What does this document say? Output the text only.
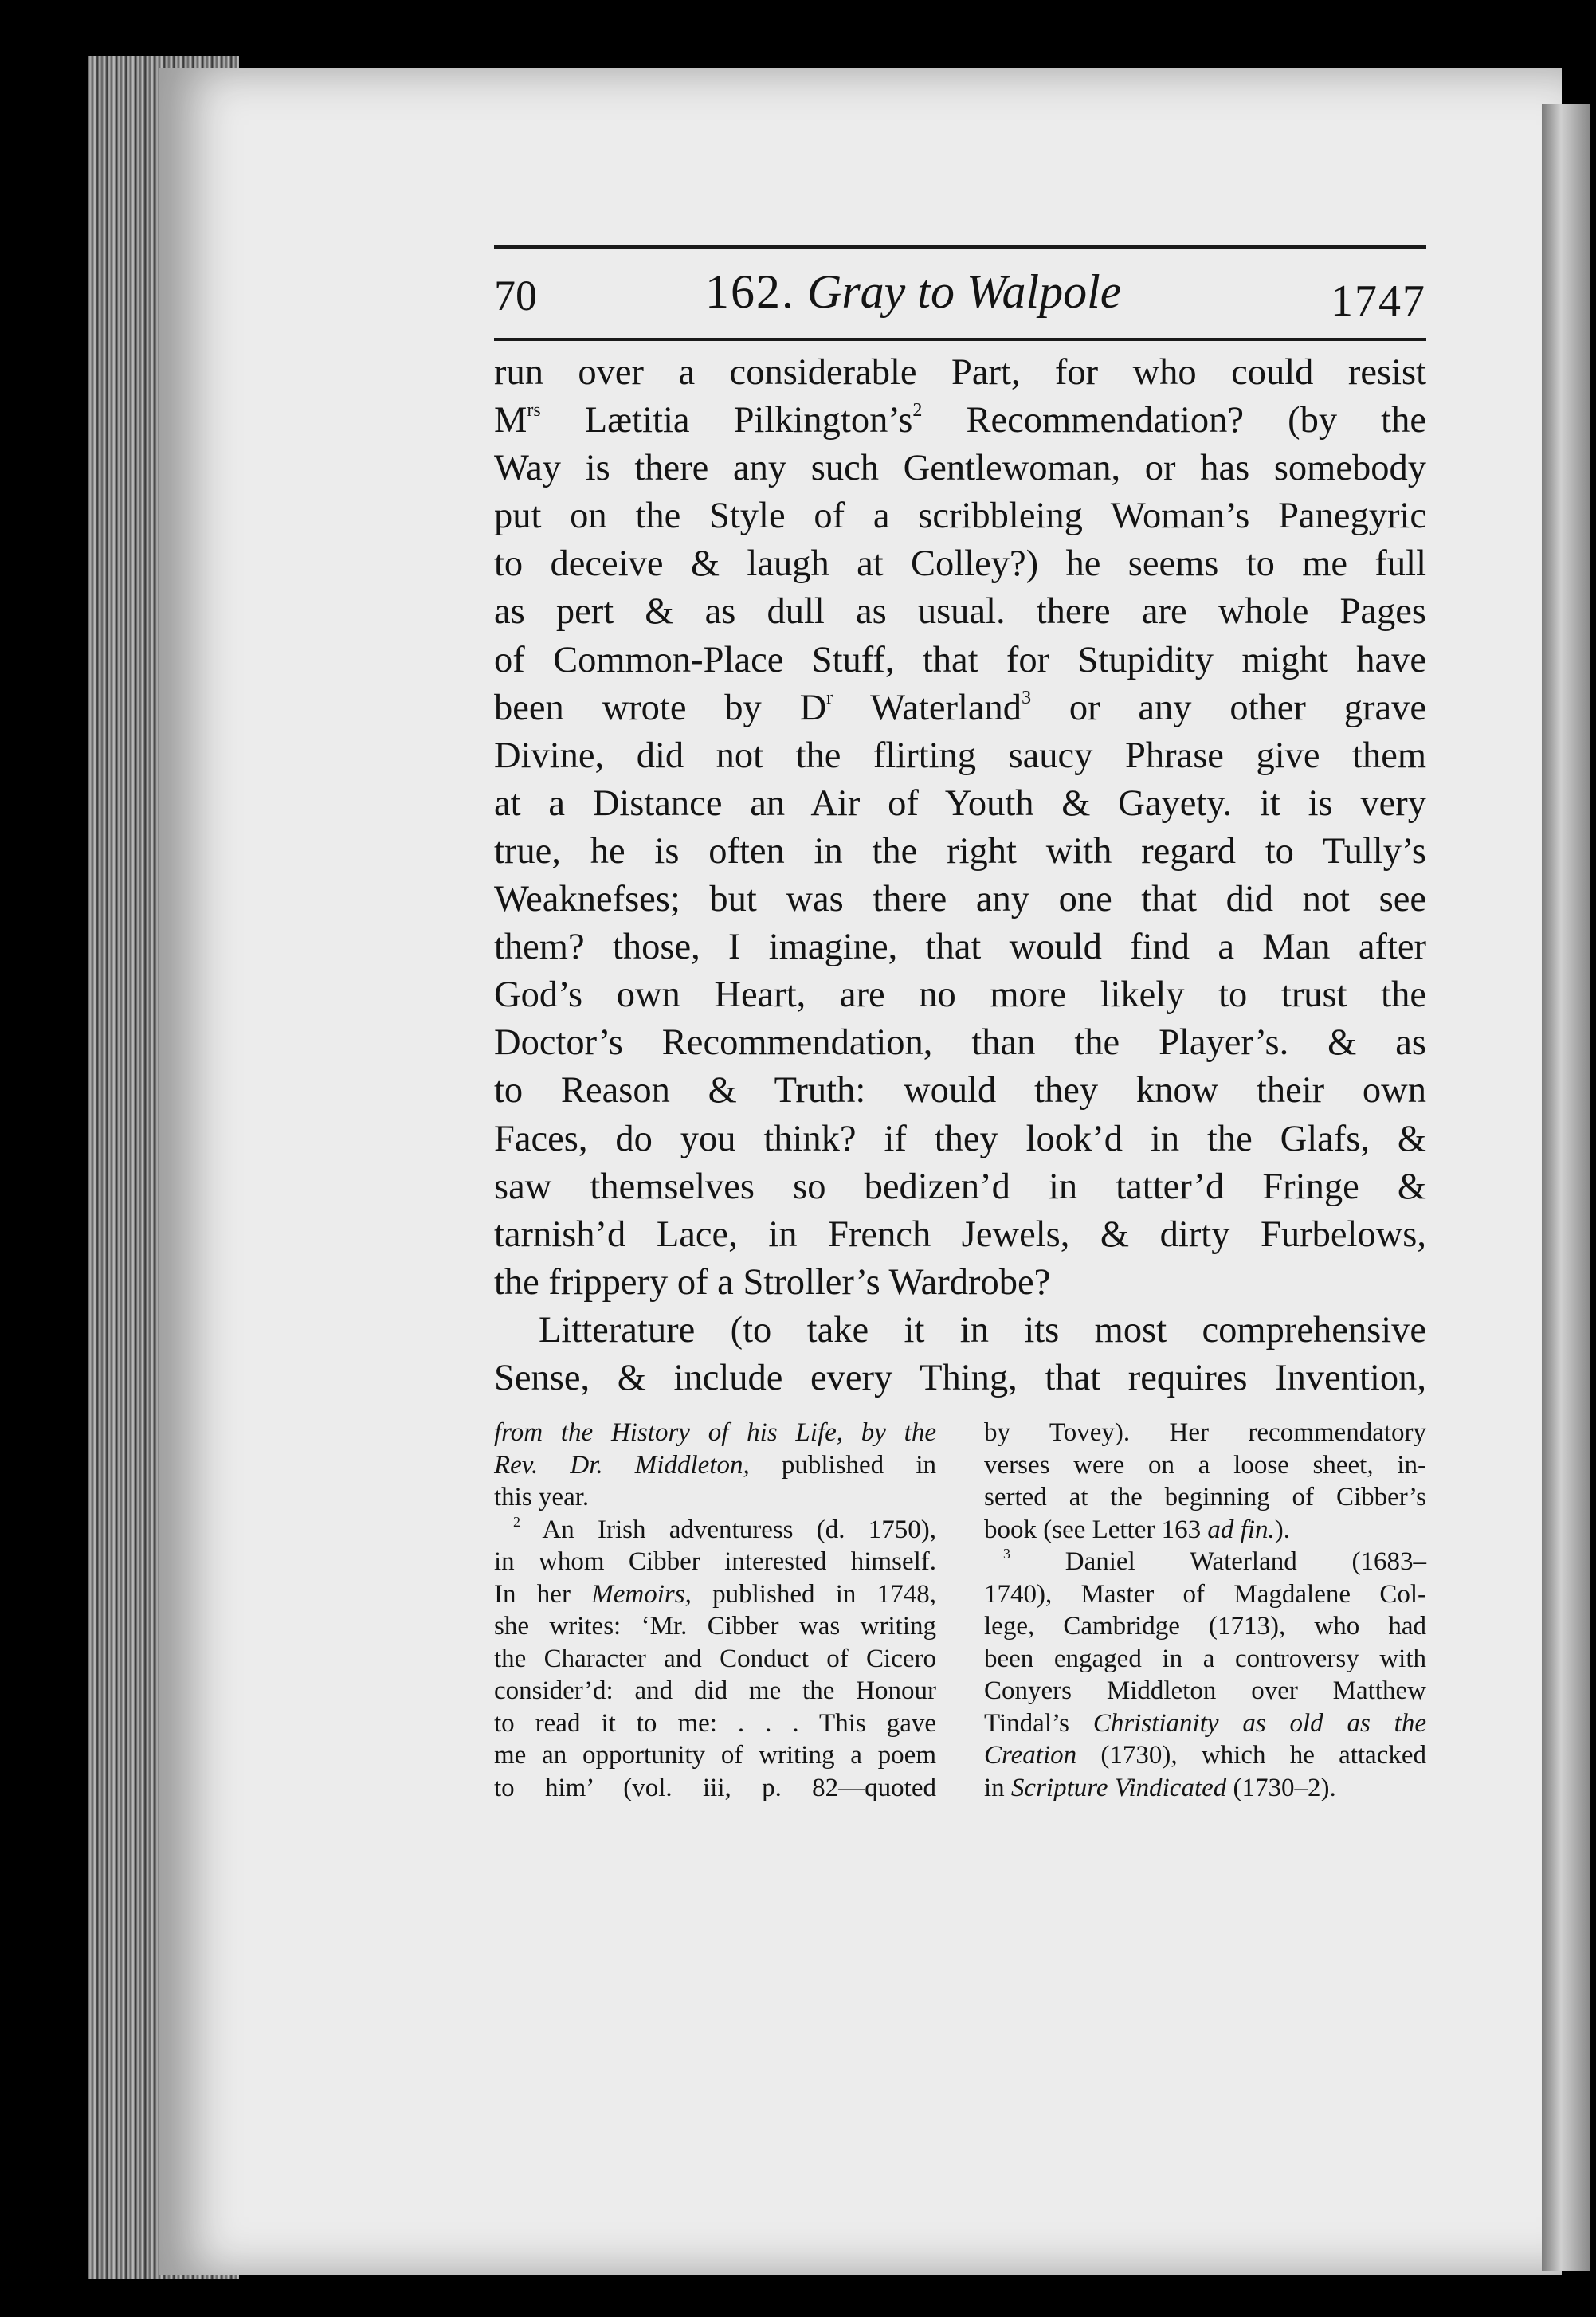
70	162. Gray to Walpole	1747
run over a considerable Part, for who could resist
$M^{rs}$ Lætitia $Pilkington’s^2$ Recommendation? (by the
Way is there any such Gentlewoman, or has somebody
put on the Style of a scribbleing Woman’s Panegyric
to deceive & laugh at Colley?) he seems to me full
as pert & as dull as usual. there are whole Pages
of Common-Place Stuff, that for Stupidity might have
been wrote by $D^r$ Waterland$^3$ or any other grave
Divine, did not the flirting saucy Phrase give them
at a Distance an Air of Youth & Gayety. it is very
true, he is often in the right with regard to Tully’s
Weaknefses; but was there any one that did not see
them? those, I imagine, that would find a Man after
God’s own Heart, are no more likely to trust the
Doctor’s Recommendation, than the Player’s. & as
to Reason & Truth: would they know their own
Faces, do you think? if they look’d in the Glafs, &
saw themselves so bedizen’d in tatter’d Fringe &
tarnish’d Lace, in French Jewels, & dirty Furbelows,
the frippery of a Stroller’s Wardrobe?
Litterature (to take it in its most comprehensive
Sense, & include every Thing, that requires Invention,
from the History of his Life, by the
Rev. Dr. Middleton, published in
this year.
$^2$ An Irish adventuress (d. 1750),
in whom Cibber interested himself.
In her Memoirs, published in 1748,
she writes: ‘Mr. Cibber was writing
the Character and Conduct of Cicero
consider’d: and did me the Honour
to read it to me: . . . This gave
me an opportunity of writing a poem
to him’ (vol. iii, p. 82—quoted
by Tovey). Her recommendatory
verses were on a loose sheet, in-
serted at the beginning of Cibber’s
book (see Letter 163 ad fin.).
$^3$ Daniel Waterland (1683–
1740), Master of Magdalene Col-
lege, Cambridge (1713), who had
been engaged in a controversy with
Conyers Middleton over Matthew
Tindal’s Christianity as old as the
Creation (1730), which he attacked
in Scripture Vindicated (1730–2).
